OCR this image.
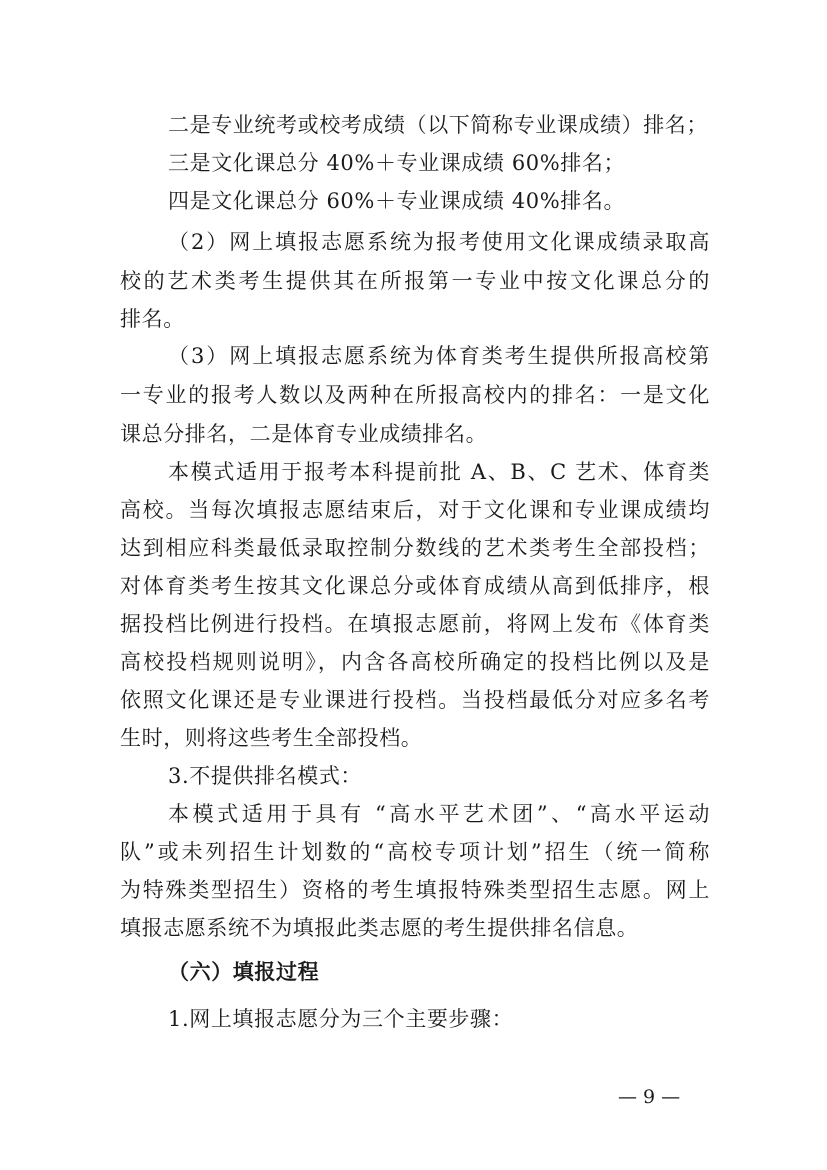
二是专业统考或校考成绩（以下简称专业课成绩）排名；
三是文化课总分 40%＋专业课成绩 60%排名；
四是文化课总分 60%＋专业课成绩 40%排名。
（2）网上填报志愿系统为报考使用文化课成绩录取高
校的艺术类考生提供其在所报第一专业中按文化课总分的
排名。
（3）网上填报志愿系统为体育类考生提供所报高校第
一专业的报考人数以及两种在所报高校内的排名：一是文化
课总分排名，二是体育专业成绩排名。
本模式适用于报考本科提前批 A、B、C 艺术、体育类
高校。当每次填报志愿结束后，对于文化课和专业课成绩均
达到相应科类最低录取控制分数线的艺术类考生全部投档；
对体育类考生按其文化课总分或体育成绩从高到低排序，根
据投档比例进行投档。在填报志愿前，将网上发布《体育类
高校投档规则说明》，内含各高校所确定的投档比例以及是
依照文化课还是专业课进行投档。当投档最低分对应多名考
生时，则将这些考生全部投档。
3.不提供排名模式：
本模式适用于具有 “高水平艺术团”、“高水平运动
队”或未列招生计划数的“高校专项计划”招生（统一简称
为特殊类型招生）资格的考生填报特殊类型招生志愿。网上
填报志愿系统不为填报此类志愿的考生提供排名信息。
（六）填报过程
1.网上填报志愿分为三个主要步骤：
— 9 —
